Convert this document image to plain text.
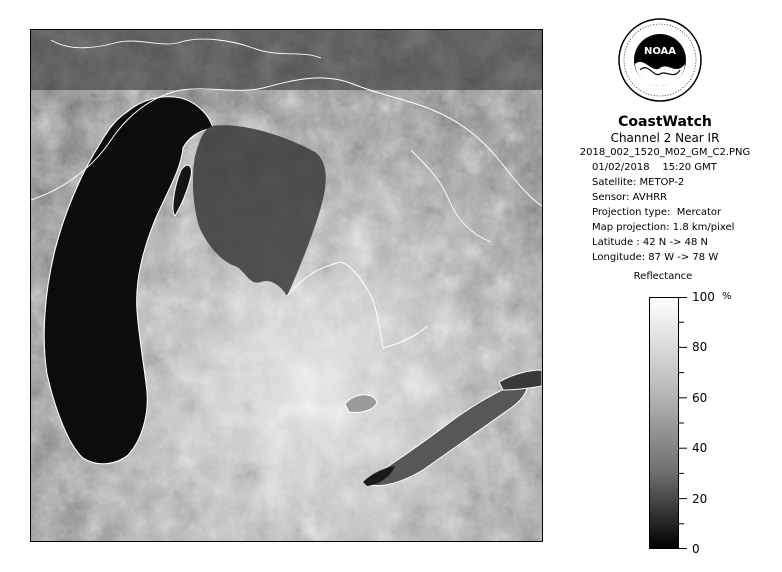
NOAA
CoastWatch
Channel 2 Near IR
2018_002_1520_M02_GM_C2.PNG
01/02/2018    15:20 GMT
Satellite: METOP-2
Sensor: AVHRR
Projection type:  Mercator
Map projection: 1.8 km/pixel
Latitude : 42 N -> 48 N
Longitude: 87 W -> 78 W
Reflectance
%
100
80
60
40
20
0
